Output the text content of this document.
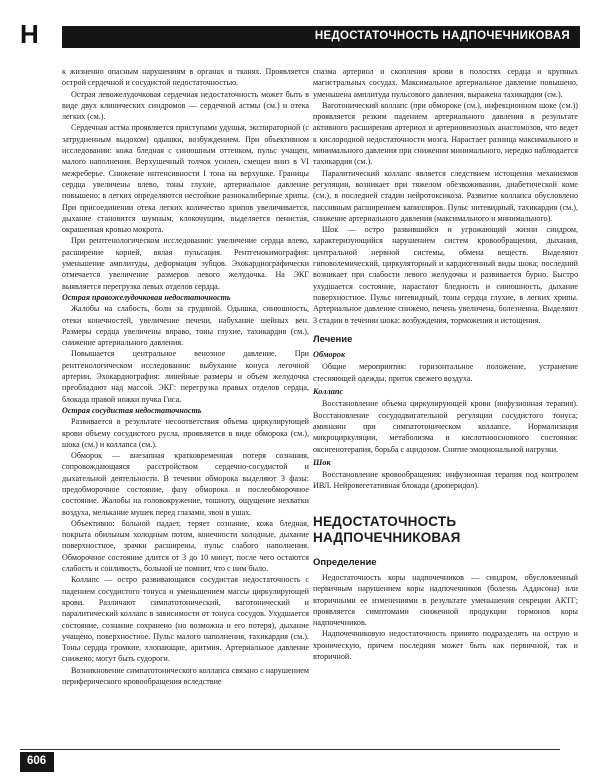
Н	НЕДОСТАТОЧНОСТЬ НАДПОЧЕЧНИКОВАЯ

к жизненно опасным нарушениям в органах и тканях. Проявляется острой сердечной и сосудистой недостаточностью.

Острая левожелудочковая сердечная недостаточность может быть в виде двух клинических синдромов — сердечной астмы (см.) и отека легких (см.).

Сердечная астма проявляется приступами удушья, экспираторной (с затрудненным выдохом) одышки, возбуждением. При объективном исследовании: кожа бледная с синюшным оттенком, пульс учащен, малого наполнения. Верхушечный толчок усилен, смещен вниз в VI межреберье. Снижение интенсивности I тона на верхушке. Границы сердца увеличены влево, тоны глухие, артериальное давление повышено; в легких определяются нестойкие разнокалиберные хрипы. При присоединении отека легких количество хрипов увеличивается, дыхание становится шумным, клокочущим, выделяется пенистая, окрашенная кровью мокрота.

При рентгенологическом исследовании: увеличение сердца влево, расширение корней, вялая пульсация. Рентгенокимография: уменьшение амплитуды, деформация зубцов. Эхокардиографически отмечается увеличение размеров левого желудочка. На ЭКГ выявляется перегрузка левых отделов сердца.

Острая правожелудочковая недостаточность

Жалобы на слабость, боли за грудиной. Одышка, синюшность, отеки конечностей, увеличение печени, набухание шейных вен. Размеры сердца увеличены вправо, тоны глухие, тахикардия (см.), снижение артериального давления.

Повышается центральное венозное давление. При рентгенологическом исследовании: выбухание конуса легочной артерии. Эхокардиография: линейные размеры и объем желудочка преобладают над массой. ЭКГ: перегрузка правых отделов сердца, блокада правой ножки пучка Гиса.

Острая сосудистая недостаточность

Развивается в результате несоответствия объема циркулирующей крови объему сосудистого русла, проявляется в виде обморока (см.), шока (см.) и коллапса (см.).

Обморок — внезапная кратковременная потеря сознания, сопровождающаяся расстройством сердечно-сосудистой и дыхательной деятельности. В течении обморока выделяют 3 фазы: предобморочное состояние, фазу обморока и послеобморочное состояние. Жалобы на головокружение, тошноту, ощущение нехватки воздуха, мелькание мушек перед глазами, звон в ушах.

Объективно: больной падает, теряет сознание, кожа бледная, покрыта обильным холодным потом, конечности холодные, дыхание поверхностное, зрачки расширены, пульс слабого наполнения. Обморочное состояние длится от 3 до 10 минут, после чего остаются слабость и сонливость, больной не помнит, что с ним было.

Коллапс — остро развивающаяся сосудистая недостаточность с падением сосудистого тонуса и уменьшением массы циркулирующей крови. Различают симпатотонический, ваготонический и паралитический коллапс в зависимости от тонуса сосудов. Ухудшается состояние, сознание сохранено (но возможна и его потеря), дыхание учащено, поверхностное. Пульс малого наполнения, тахикардия (см.). Тоны сердца громкие, хлопающие, аритмия. Артериальное давление снижено; могут быть судороги.

Возникновение симпатотонического коллапса связано с нарушением периферического кровообращения вследствие

спазма артериол и скопления крови в полостях сердца и крупных магистральных сосудах. Максимальное артериальное давление повышено, уменьшена амплитуда пульсового давления, выражена тахикардия (см.).

Ваготонический коллапс (при обмороке (см.), инфекционном шоке (см.)) проявляется резким падением артериального давления в результате активного расширения артериол и артериовенозных анастомозов, что ведет к кислородной недостаточности мозга. Нарастает разница максимального и минимального давления при снижении минимального, нередко наблюдается тахикардия (см.).

Паралитический коллапс является следствием истощения механизмов регуляции, возникает при тяжелом обезвоживании, диабетической коме (см.), в последней стадии нейротоксикоза. Развитие коллапса обусловлено пассивным расширением капилляров. Пульс нитевидный, тахикардия (см.), снижение артериального давления (максимального и минимального).

Шок — остро развившийся и угрожающий жизни синдром, характеризующийся нарушением систем кровообращения, дыхания, центральной нервной системы, обмена веществ. Выделяют гиповолемический, циркуляторный и кардиогенный виды шока; последний возникает при слабости левого желудочка и развивается бурно. Быстро ухудшается состояние, нарастают бледность и синюшность, дыхание поверхностное. Пульс нитевидный, тоны сердца глухие, в легких хрипы. Артериальное давление снижено, печень увеличена, болезненна. Выделяют 3 стадии в течении шока: возбуждения, торможения и истощения.

Лечение
Обморок

Общие мероприятия: горизонтальное положение, устранение стесняющей одежды, приток свежего воздуха.

Коллапс

Восстановление объема циркулирующей крови (инфузионная терапия). Восстановление сосудодвигательной регуляции сосудистого тонуса; аминазин при симпатотоническом коллапсе. Нормализация микроциркуляции, метаболизма и кислотноосновного состояния: оксигенотерапия, борьба с ацидозом. Снятие эмоциональной нагрузки.

Шок

Восстановление кровообращения: инфузионная терапия под контролем ИВЛ. Нейровегетативная блокада (дроперидол).

НЕДОСТАТОЧНОСТЬ
НАДПОЧЕЧНИКОВАЯ
Определение

Недостаточность коры надпочечников — синдром, обусловленный первичным нарушением коры надпочечников (болезнь Аддисона) или вторичными ее изменениями в результате уменьшения секреции АКТГ; проявляется симптомами сниженной продукции гормонов коры надпочечников.

Надпочечниковую недостаточность принято подразделять на острую и хроническую, причем последняя может быть как первичной, так и вторичной.

606
